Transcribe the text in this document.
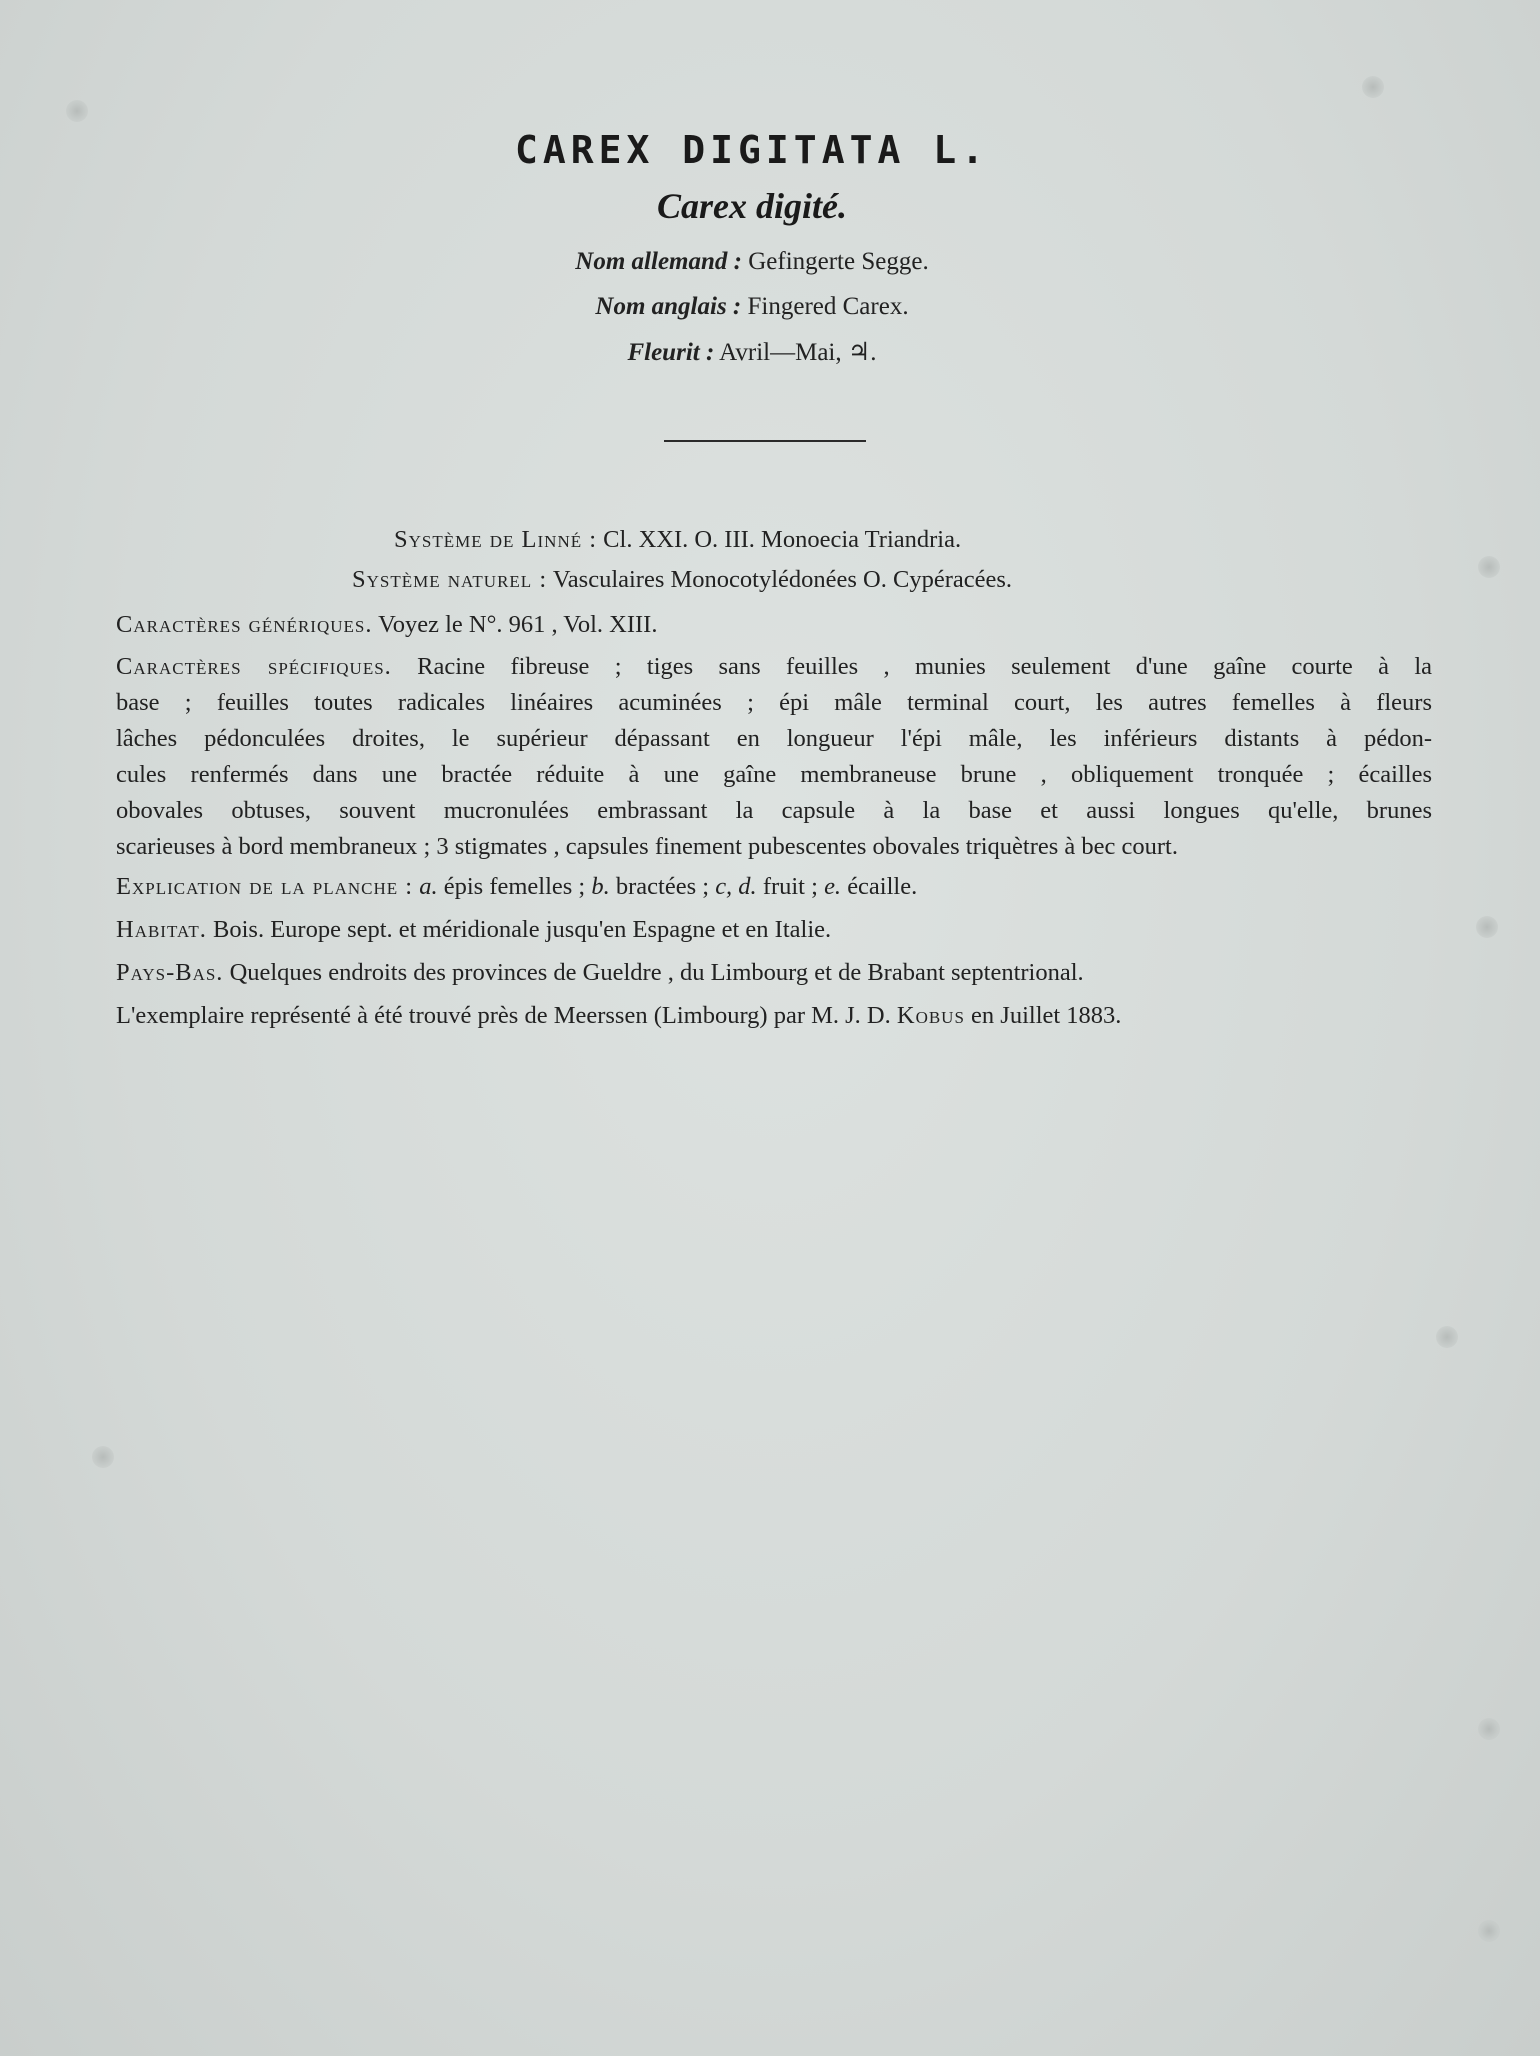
CAREX DIGITATA L.
Carex digité.
Nom allemand : Gefingerte Segge.
Nom anglais : Fingered Carex.
Fleurit : Avril—Mai, ♃.
Système de Linné : Cl. XXI. O. III. Monoecia Triandria.
Système naturel : Vasculaires Monocotylédonées O. Cypéracées.
Caractères génériques. Voyez le N°. 961 , Vol. XIII.
Caractères spécifiques. Racine fibreuse ; tiges sans feuilles , munies seulement d'une gaîne courte à la
base ; feuilles toutes radicales linéaires acuminées ; épi mâle terminal court, les autres femelles à fleurs
lâches pédonculées droites, le supérieur dépassant en longueur l'épi mâle, les inférieurs distants à pédon-
cules renfermés dans une bractée réduite à une gaîne membraneuse brune , obliquement tronquée ; écailles
obovales obtuses, souvent mucronulées embrassant la capsule à la base et aussi longues qu'elle, brunes
scarieuses à bord membraneux ; 3 stigmates , capsules finement pubescentes obovales triquètres à bec court.
Explication de la planche : a. épis femelles ; b. bractées ; c, d. fruit ; e. écaille.
Habitat. Bois. Europe sept. et méridionale jusqu'en Espagne et en Italie.
Pays-Bas. Quelques endroits des provinces de Gueldre , du Limbourg et de Brabant septentrional.
L'exemplaire représenté à été trouvé près de Meerssen (Limbourg) par M. J. D. Kobus en Juillet 1883.
